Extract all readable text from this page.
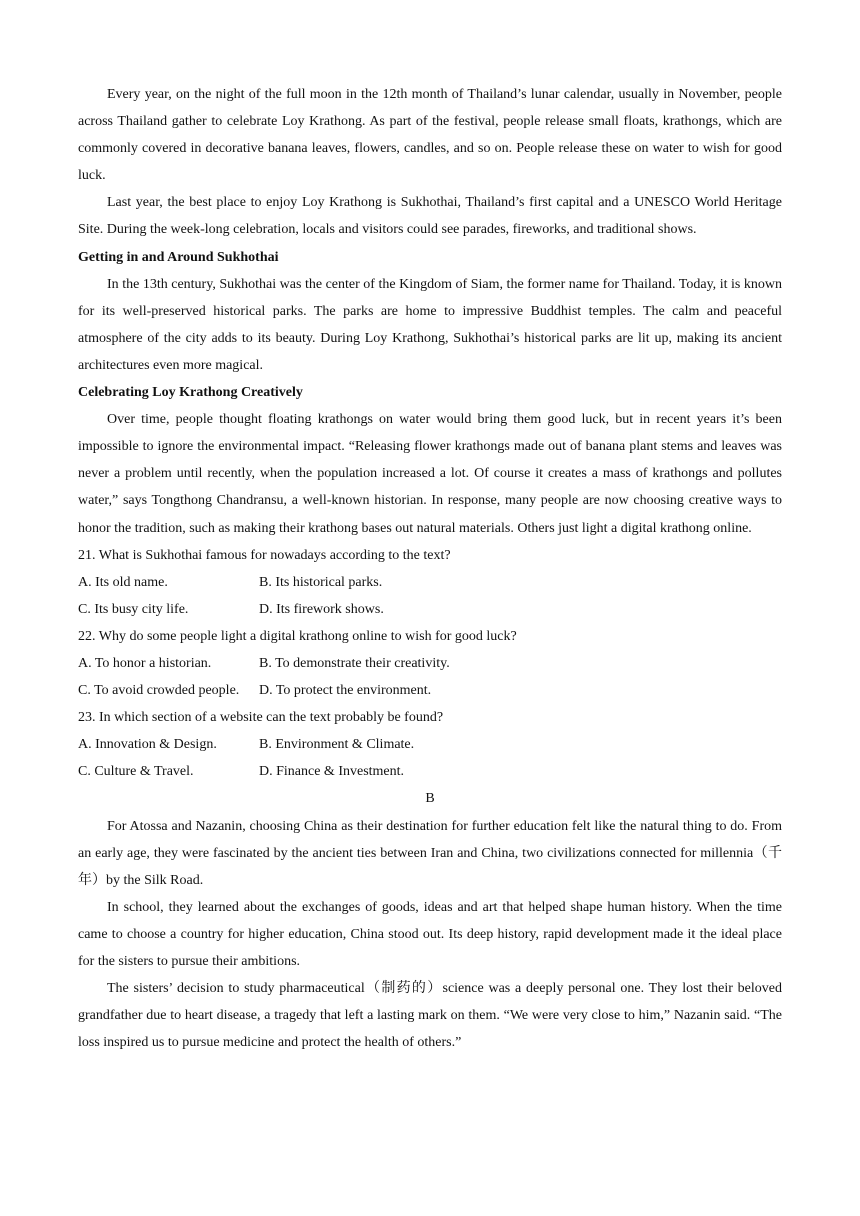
Every year, on the night of the full moon in the 12th month of Thailand’s lunar calendar, usually in November, people across Thailand gather to celebrate Loy Krathong. As part of the festival, people release small floats, krathongs, which are commonly covered in decorative banana leaves, flowers, candles, and so on. People release these on water to wish for good luck.

Last year, the best place to enjoy Loy Krathong is Sukhothai, Thailand’s first capital and a UNESCO World Heritage Site. During the week-long celebration, locals and visitors could see parades, fireworks, and traditional shows.

Getting in and Around Sukhothai

In the 13th century, Sukhothai was the center of the Kingdom of Siam, the former name for Thailand. Today, it is known for its well-preserved historical parks. The parks are home to impressive Buddhist temples. The calm and peaceful atmosphere of the city adds to its beauty. During Loy Krathong, Sukhothai’s historical parks are lit up, making its ancient architectures even more magical.

Celebrating Loy Krathong Creatively

Over time, people thought floating krathongs on water would bring them good luck, but in recent years it’s been impossible to ignore the environmental impact. “Releasing flower krathongs made out of banana plant stems and leaves was never a problem until recently, when the population increased a lot. Of course it creates a mass of krathongs and pollutes water,” says Tongthong Chandransu, a well-known historian. In response, many people are now choosing creative ways to honor the tradition, such as making their krathong bases out natural materials. Others just light a digital krathong online.

21. What is Sukhothai famous for nowadays according to the text?

A. Its old name.	B. Its historical parks.
C. Its busy city life.	D. Its firework shows.

22. Why do some people light a digital krathong online to wish for good luck?

A. To honor a historian.	B. To demonstrate their creativity.
C. To avoid crowded people.	D. To protect the environment.

23. In which section of a website can the text probably be found?

A. Innovation & Design.	B. Environment & Climate.
C. Culture & Travel.	D. Finance & Investment.

B

For Atossa and Nazanin, choosing China as their destination for further education felt like the natural thing to do. From an early age, they were fascinated by the ancient ties between Iran and China, two civilizations connected for millennia（千年）by the Silk Road.

In school, they learned about the exchanges of goods, ideas and art that helped shape human history. When the time came to choose a country for higher education, China stood out. Its deep history, rapid development made it the ideal place for the sisters to pursue their ambitions.

The sisters’ decision to study pharmaceutical（制药的）science was a deeply personal one. They lost their beloved grandfather due to heart disease, a tragedy that left a lasting mark on them. “We were very close to him,” Nazanin said. “The loss inspired us to pursue medicine and protect the health of others.”
